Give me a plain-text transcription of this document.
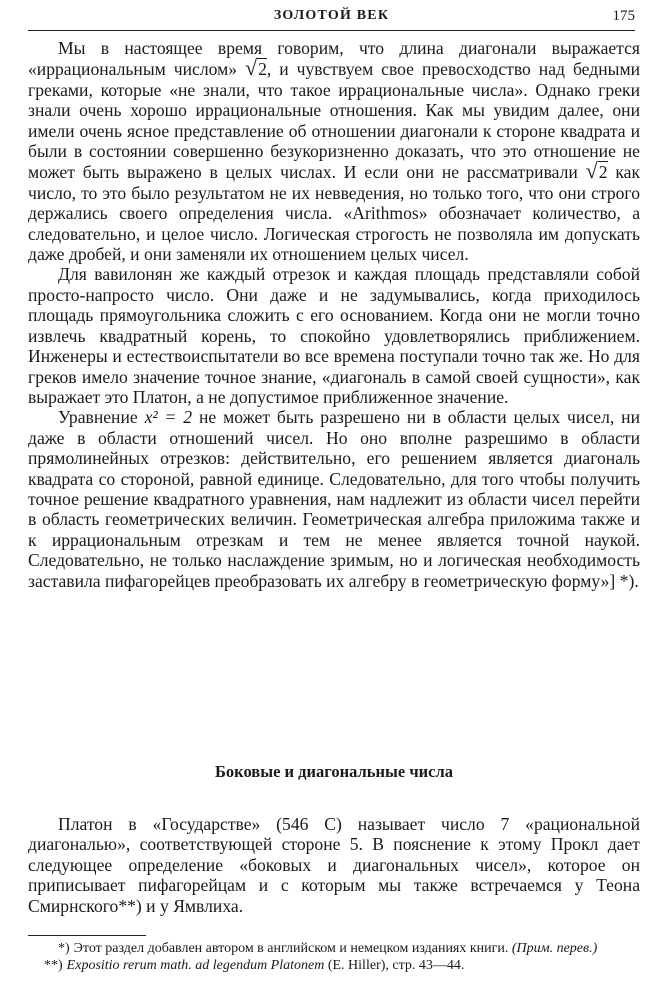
ЗОЛОТОЙ ВЕК	175

Мы в настоящее время говорим, что длина диагонали выражается «иррациональным числом» √2, и чувствуем свое превосходство над бедными греками, которые «не знали, что такое иррациональные числа». Однако греки знали очень хорошо иррациональные отношения. Как мы увидим далее, они имели очень ясное представление об отношении диагонали к стороне квадрата и были в состоянии совершенно безукоризненно доказать, что это отношение не может быть выражено в целых числах. И если они не рассматривали √2 как число, то это было результатом не их невведения, но только того, что они строго держались своего определения числа. «Arithmos» обозначает количество, а следовательно, и целое число. Логическая строгость не позволяла им допускать даже дробей, и они заменяли их отношением целых чисел.

Для вавилонян же каждый отрезок и каждая площадь представляли собой просто-напросто число. Они даже и не задумывались, когда приходилось площадь прямоугольника сложить с его основанием. Когда они не могли точно извлечь квадратный корень, то спокойно удовлетворялись приближением. Инженеры и естествоиспытатели во все времена поступали точно так же. Но для греков имело значение точное знание, «диагональ в самой своей сущности», как выражает это Платон, а не допустимое приближенное значение.

Уравнение x² = 2 не может быть разрешено ни в области целых чисел, ни даже в области отношений чисел. Но оно вполне разрешимо в области прямолинейных отрезков: действительно, его решением является диагональ квадрата со стороной, равной единице. Следовательно, для того чтобы получить точное решение квадратного уравнения, нам надлежит из области чисел перейти в область геометрических величин. Геометрическая алгебра приложима также и к иррациональным отрезкам и тем не менее является точной наукой. Следовательно, не только наслаждение зримым, но и логическая необходимость заставила пифагорейцев преобразовать их алгебру в геометрическую форму»] *).

Боковые и диагональные числа

Платон в «Государстве» (546 С) называет число 7 «рациональной диагональю», соответствующей стороне 5. В пояснение к этому Прокл дает следующее определение «боковых и диагональных чисел», которое он приписывает пифагорейцам и с которым мы также встречаемся у Теона Смирнского**) и у Ямвлиха.

*) Этот раздел добавлен автором в английском и немецком изданиях книги. (Прим. перев.)

**) Expositio rerum math. ad legendum Platonem (E. Hiller), стр. 43—44.
